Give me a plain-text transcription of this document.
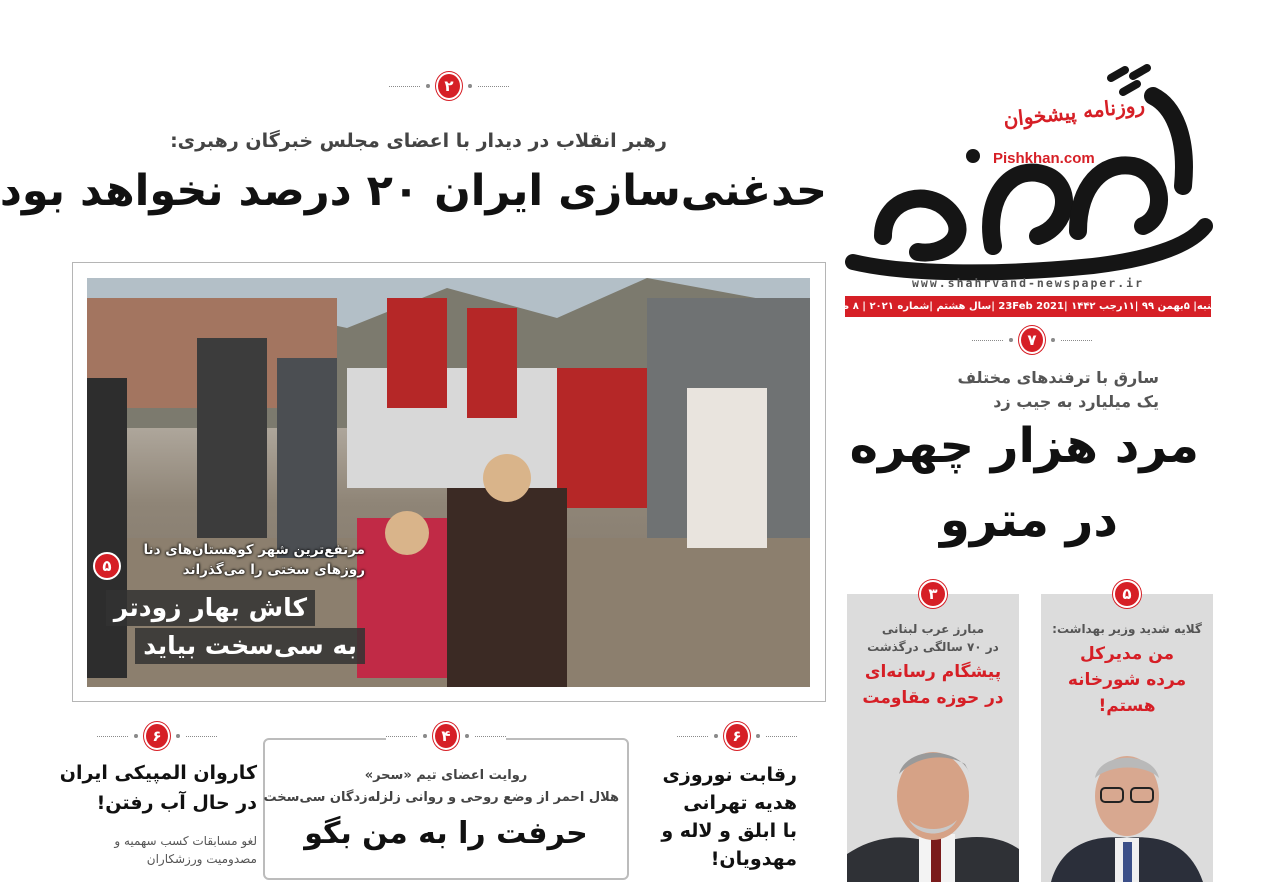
روزنامه پیشخوان
Pishkhan.com
www.shahrvand-newspaper.ir
سه‌شنبه| ۵بهمن ۹۹ |۱۱رجب ۱۴۴۲ |23Feb 2021 |سال هشتم |شماره ۲۰۲۱ | ۸ صفحه
۲
رهبر انقلاب در دیدار با اعضای مجلس خبرگان رهبری:
حدغنی‌سازی ایران ۲۰ درصد نخواهد بود
مرتفع‌ترین شهر کوهستان‌های دنا
روزهای سختی را می‌گذراند
کاش بهار زودتر
به سی‌سخت بیاید
۵
۷
سارق با ترفندهای مختلف
یک میلیارد به جیب زد
مرد هزار چهره
در مترو
۳
مبارز عرب لبنانی
در ۷۰ سالگی درگذشت
پیشگام رسانه‌ای
در حوزه مقاومت
۵
گلایه شدید وزیر بهداشت:
من مدیرکل
مرده شورخانه
هستم!
۶
کاروان المپیکی ایران
در حال آب رفتن!
لغو مسابقات کسب سهمیه و
مصدومیت ورزشکاران
۴
روایت اعضای تیم «سحر»
هلال احمر از وضع روحی و روانی زلزله‌زدگان سی‌سخت
حرفت را به من بگو
۶
رقابت نوروزی
هدیه تهرانی
با ابلق و لاله و
مهدویان!
